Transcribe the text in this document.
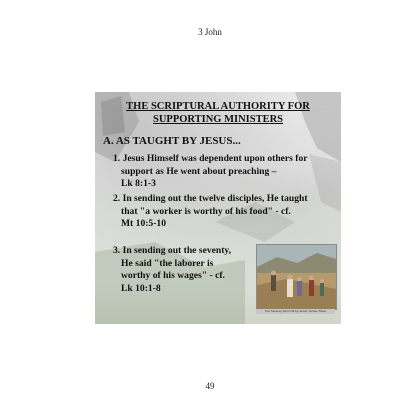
3 John
THE SCRIPTURAL AUTHORITY FOR
SUPPORTING MINISTERS
A. AS TAUGHT BY JESUS...
1. Jesus Himself was dependent upon others for
support as He went about preaching –
Lk 8:1-3
2. In sending out the twelve disciples, He taught
that "a worker is worthy of his food" - cf.
Mt 10:5-10
3. In sending out the seventy,
He said "the laborer is
worthy of his wages" - cf.
Lk 10:1-8
The Seventy Sent Out by Jesus, James Tissot
49
